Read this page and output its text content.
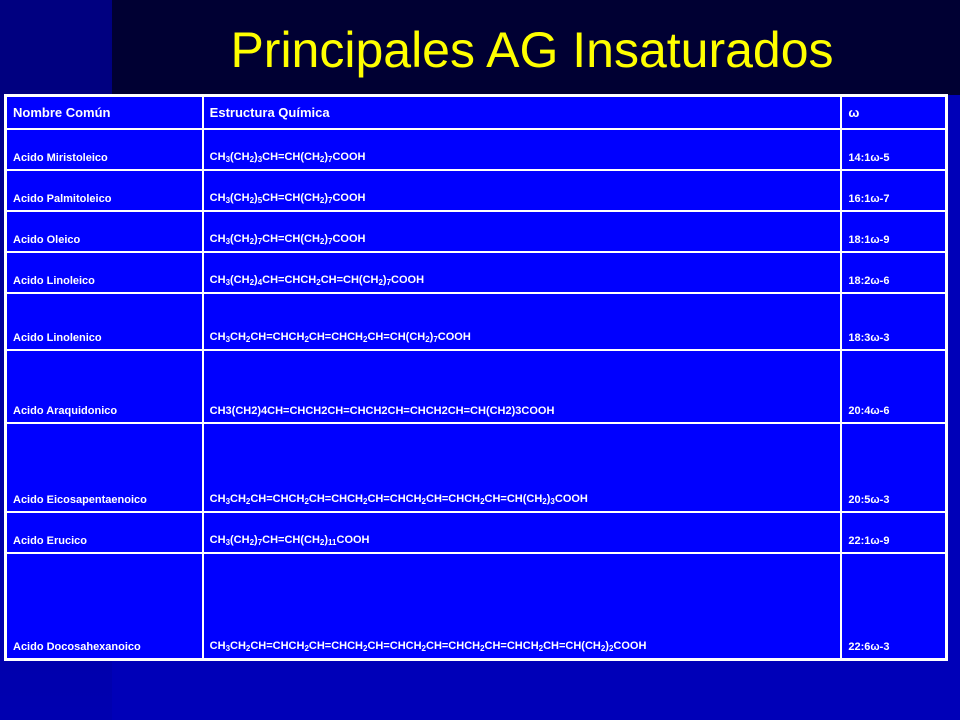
Principales AG Insaturados
Nombre Común	Estructura Química	ω
Acido Miristoleico	$CH_3(CH_2)_3CH=CH(CH_2)_7COOH$	14:1ω-5
Acido Palmitoleico	$CH_3(CH_2)_5CH=CH(CH_2)_7COOH$	16:1ω-7
Acido Oleico	$CH_3(CH_2)_7CH=CH(CH_2)_7COOH$	18:1ω-9
Acido Linoleico	$CH_3(CH_2)_4CH=CHCH_2CH=CH(CH_2)_7COOH$	18:2ω-6
Acido Linolenico	$CH_3CH_2CH=CHCH_2CH=CHCH_2CH=CH(CH_2)_7COOH$	18:3ω-3
Acido Araquidonico	CH3(CH2)4CH=CHCH2CH=CHCH2CH=CHCH2CH=CH(CH2)3COOH	20:4ω-6
Acido Eicosapentaenoico	$CH_3CH_2CH=CHCH_2CH=CHCH_2CH=CHCH_2CH=CHCH_2CH=CH(CH_2)_3COOH$	20:5ω-3
Acido Erucico	$CH_3(CH_2)_7CH=CH(CH_2)_{11}COOH$	22:1ω-9
Acido Docosahexanoico	$CH_3CH_2CH=CHCH_2CH=CHCH_2CH=CHCH_2CH=CHCH_2CH=CHCH_2CH=CH(CH_2)_2COOH$	22:6ω-3
